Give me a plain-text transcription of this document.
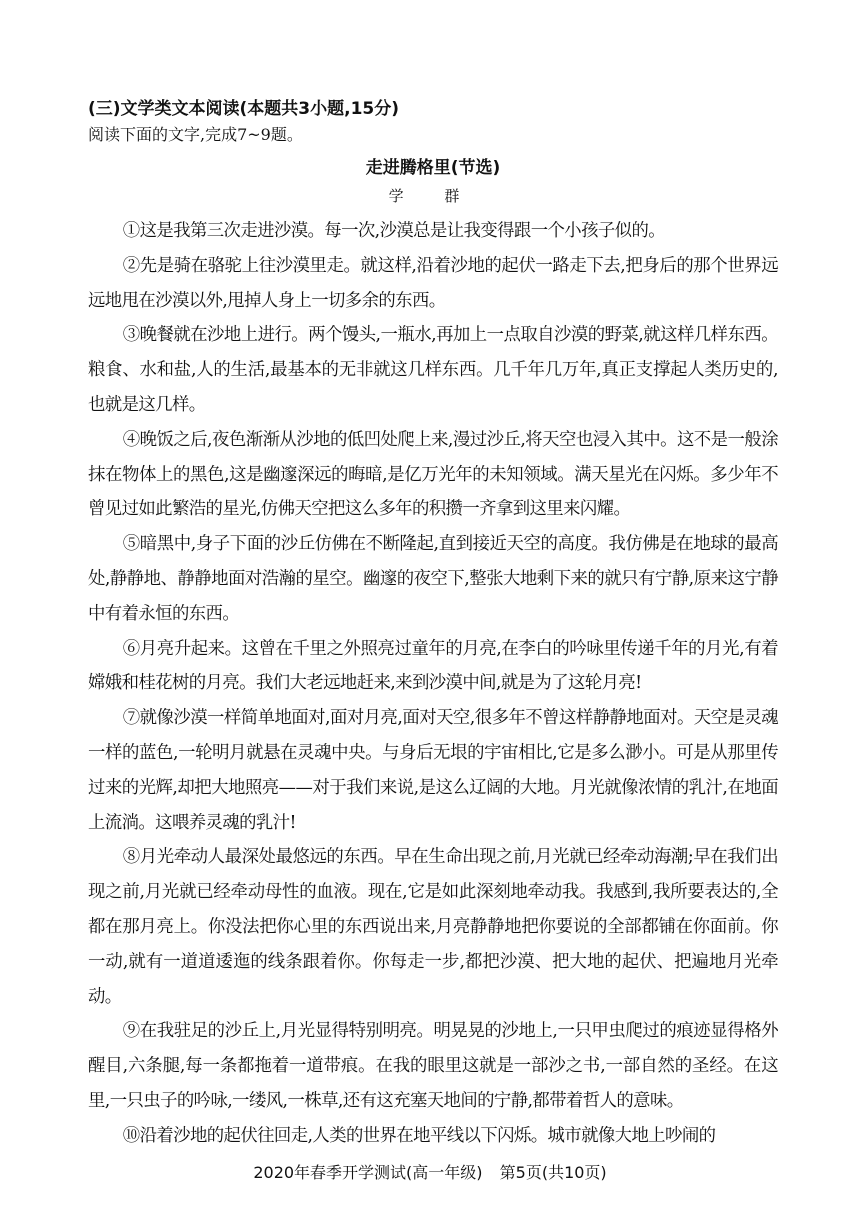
(三)文学类文本阅读(本题共3小题,15分)

阅读下面的文字,完成7~9题。

走进腾格里(节选)

学 群

①这是我第三次走进沙漠。每一次,沙漠总是让我变得跟一个小孩子似的。

②先是骑在骆驼上往沙漠里走。就这样,沿着沙地的起伏一路走下去,把身后的那个世界远远地甩在沙漠以外,甩掉人身上一切多余的东西。

③晚餐就在沙地上进行。两个馒头,一瓶水,再加上一点取自沙漠的野菜,就这样几样东西。粮食、水和盐,人的生活,最基本的无非就这几样东西。几千年几万年,真正支撑起人类历史的,也就是这几样。

④晚饭之后,夜色渐渐从沙地的低凹处爬上来,漫过沙丘,将天空也浸入其中。这不是一般涂抹在物体上的黑色,这是幽邃深远的晦暗,是亿万光年的未知领域。满天星光在闪烁。多少年不曾见过如此繁浩的星光,仿佛天空把这么多年的积攒一齐拿到这里来闪耀。

⑤暗黑中,身子下面的沙丘仿佛在不断隆起,直到接近天空的高度。我仿佛是在地球的最高处,静静地、静静地面对浩瀚的星空。幽邃的夜空下,整张大地剩下来的就只有宁静,原来这宁静中有着永恒的东西。

⑥月亮升起来。这曾在千里之外照亮过童年的月亮,在李白的吟咏里传递千年的月光,有着嫦娥和桂花树的月亮。我们大老远地赶来,来到沙漠中间,就是为了这轮月亮!

⑦就像沙漠一样简单地面对,面对月亮,面对天空,很多年不曾这样静静地面对。天空是灵魂一样的蓝色,一轮明月就悬在灵魂中央。与身后无垠的宇宙相比,它是多么渺小。可是从那里传过来的光辉,却把大地照亮——对于我们来说,是这么辽阔的大地。月光就像浓情的乳汁,在地面上流淌。这喂养灵魂的乳汁!

⑧月光牵动人最深处最悠远的东西。早在生命出现之前,月光就已经牵动海潮;早在我们出现之前,月光就已经牵动母性的血液。现在,它是如此深刻地牵动我。我感到,我所要表达的,全都在那月亮上。你没法把你心里的东西说出来,月亮静静地把你要说的全部都铺在你面前。你一动,就有一道道逶迤的线条跟着你。你每走一步,都把沙漠、把大地的起伏、把遍地月光牵动。

⑨在我驻足的沙丘上,月光显得特别明亮。明晃晃的沙地上,一只甲虫爬过的痕迹显得格外醒目,六条腿,每一条都拖着一道带痕。在我的眼里这就是一部沙之书,一部自然的圣经。在这里,一只虫子的吟咏,一缕风,一株草,还有这充塞天地间的宁静,都带着哲人的意味。

⑩沿着沙地的起伏往回走,人类的世界在地平线以下闪烁。城市就像大地上吵闹的

2020年春季开学测试(高一年级) 第5页(共10页)
